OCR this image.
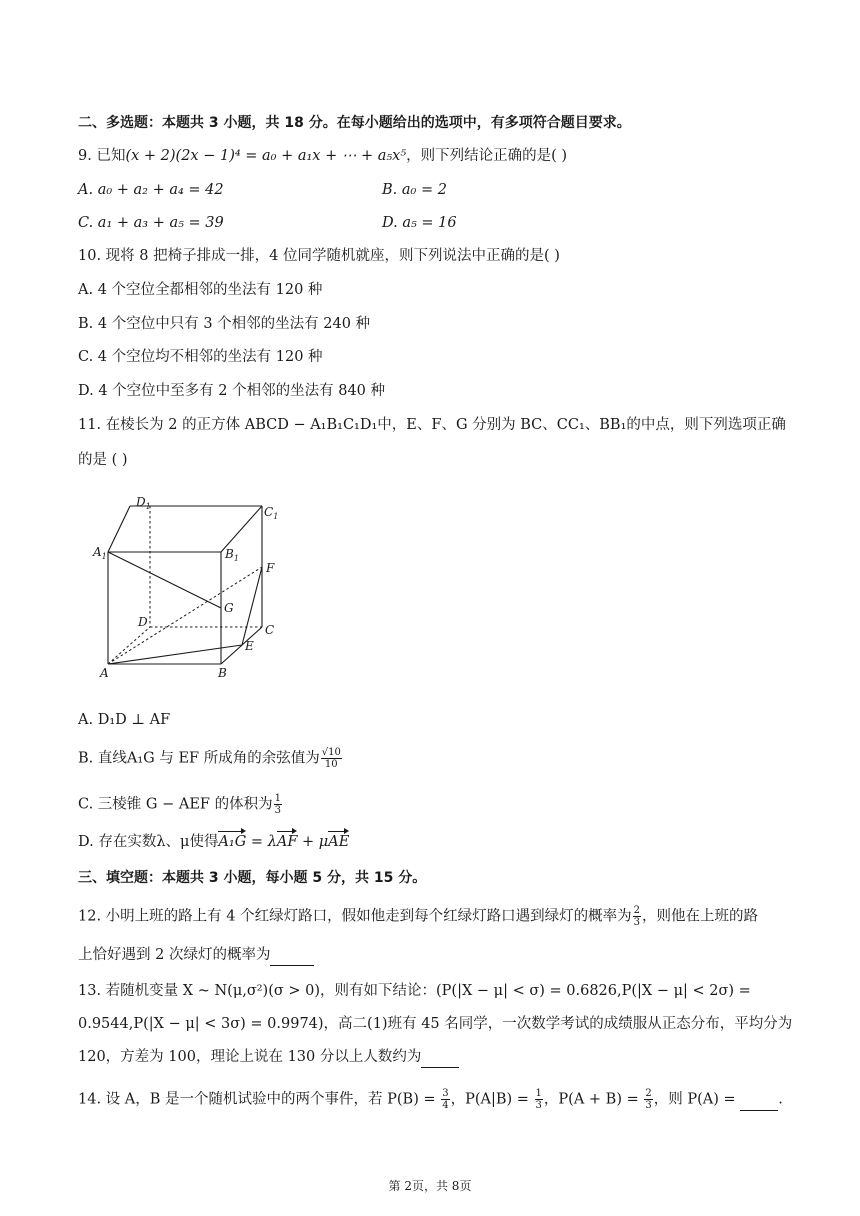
二、多选题：本题共 3 小题，共 18 分。在每小题给出的选项中，有多项符合题目要求。
9. 已知(x + 2)(2x − 1)⁴ = a₀ + a₁x + ⋯ + a₅x⁵，则下列结论正确的是( )
A. a₀ + a₂ + a₄ = 42	B. a₀ = 2
C. a₁ + a₃ + a₅ = 39	D. a₅ = 16
10. 现将 8 把椅子排成一排，4 位同学随机就座，则下列说法中正确的是( )
A. 4 个空位全都相邻的坐法有 120 种
B. 4 个空位中只有 3 个相邻的坐法有 240 种
C. 4 个空位均不相邻的坐法有 120 种
D. 4 个空位中至多有 2 个相邻的坐法有 840 种
11. 在棱长为 2 的正方体 ABCD − A₁B₁C₁D₁中，E、F、G 分别为 BC、CC₁、BB₁的中点，则下列选项正确
的是 ( )
$D_1$	$C_1$
$A_1$	$B_1$
F
G
D
C
E
A	B
A. D₁D ⊥ AF
B. 直线A₁G 与 EF 所成角的余弦值为 $\frac{√10}{10}$
C. 三棱锥 G − AEF 的体积为 $\frac{1}{3}$
D. 存在实数λ、μ使得A₁G = λAF + μAE
三、填空题：本题共 3 小题，每小题 5 分，共 15 分。
12. 小明上班的路上有 4 个红绿灯路口，假如他走到每个红绿灯路口遇到绿灯的概率为 $\frac{2}{3}$ ，则他在上班的路
上恰好遇到 2 次绿灯的概率为
13. 若随机变量 X ~ N(μ,σ²)(σ > 0)，则有如下结论：(P(|X − μ| < σ) = 0.6826,P(|X − μ| < 2σ) =
0.9544,P(|X − μ| < 3σ) = 0.9974)，高二(1)班有 45 名同学，一次数学考试的成绩服从正态分布，平均分为
120，方差为 100，理论上说在 130 分以上人数约为
14. 设 A，B 是一个随机试验中的两个事件，若 $P(B) = \frac{3}{4}$ ，$P(A|B) = \frac{1}{3}$ ，$P(A + B) = \frac{2}{3}$ ，则 P(A) =	.
第 2页，共 8页
